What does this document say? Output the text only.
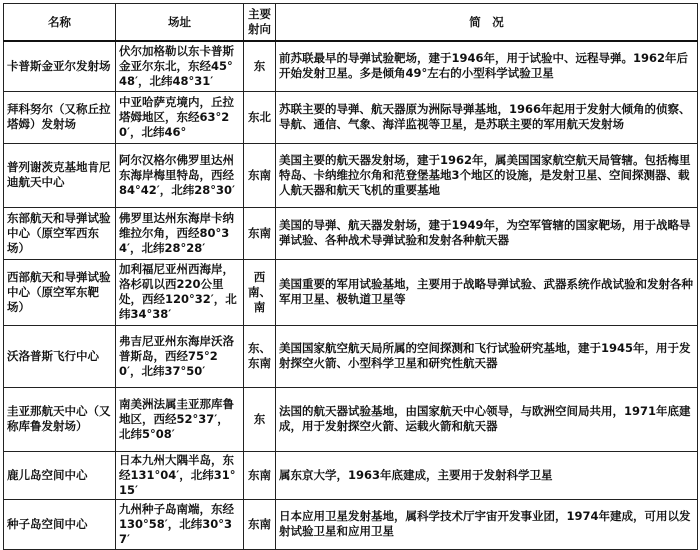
名称	场址	主要射向	简　况
卡普斯金亚尔发射场	伏尔加格勒以东卡普斯金亚尔东北，东经45°48′，北纬48°31′	东	前苏联最早的导弹试验靶场，建于1946年，用于试验中、远程导弹。1962年后开始发射卫星。多是倾角49°左右的小型科学试验卫星
拜科努尔（又称丘拉塔姆）发射场	中亚哈萨克境内，丘拉塔姆地区，东经63°20′，北纬46°	东北	苏联主要的导弹、航天器原为洲际导弹基地，1966年起用于发射大倾角的侦察、导航、通信、气象、海洋监视等卫星，是苏联主要的军用航天发射场
普列谢茨克基地肯尼迪航天中心	阿尔汉格尔佛罗里达州东海岸梅里特岛，西经84°42′，北纬28°30′	东南	美国主要的航天器发射场，建于1962年，属美国国家航空航天局管辖。包括梅里特岛、卡纳维拉尔角和范登堡基地3个地区的设施，是发射卫星、空间探测器、载人航天器和航天飞机的重要基地
东部航天和导弹试验中心（原空军西东场）	佛罗里达州东海岸卡纳维拉尔角，西经80°34′，北纬28°28′	东南	美国的导弹、航天器发射场，建于1949年，为空军管辖的国家靶场，用于战略导弹试验、各种战术导弹试验和发射各种航天器
西部航天和导弹试验中心（原空军东靶场）	加利福尼亚州西海岸，洛杉矶以西220公里处，西经120°32′，北纬34°38′	西南、南	美国重要的军用试验基地，主要用于战略导弹试验、武器系统作战试验和发射各种军用卫星、极轨道卫星等
沃洛普斯飞行中心	弗吉尼亚州东海岸沃洛普斯岛，西经75°20′，北纬37°50′	东、东南	美国国家航空航天局所属的空间探测和飞行试验研究基地，建于1945年，用于发射探空火箭、小型科学卫星和研究性航天器
圭亚那航天中心（又称库鲁发射场）	南美洲法属圭亚那库鲁地区，西经52°37′，北纬5°08′	东	法国的航天器试验基地，由国家航天中心领导，与欧洲空间局共用，1971年底建成，用于发射探空火箭、运载火箭和航天器
鹿儿岛空间中心	日本九州大隅半岛，东经131°04′，北纬31°15′	东南	属东京大学，1963年底建成，主要用于发射科学卫星
种子岛空间中心	九州种子岛南端，东经130°58′，北纬30°37′	东南	日本应用卫星发射基地，属科学技术厅宇宙开发事业团，1974年建成，可用以发射试验卫星和应用卫星
